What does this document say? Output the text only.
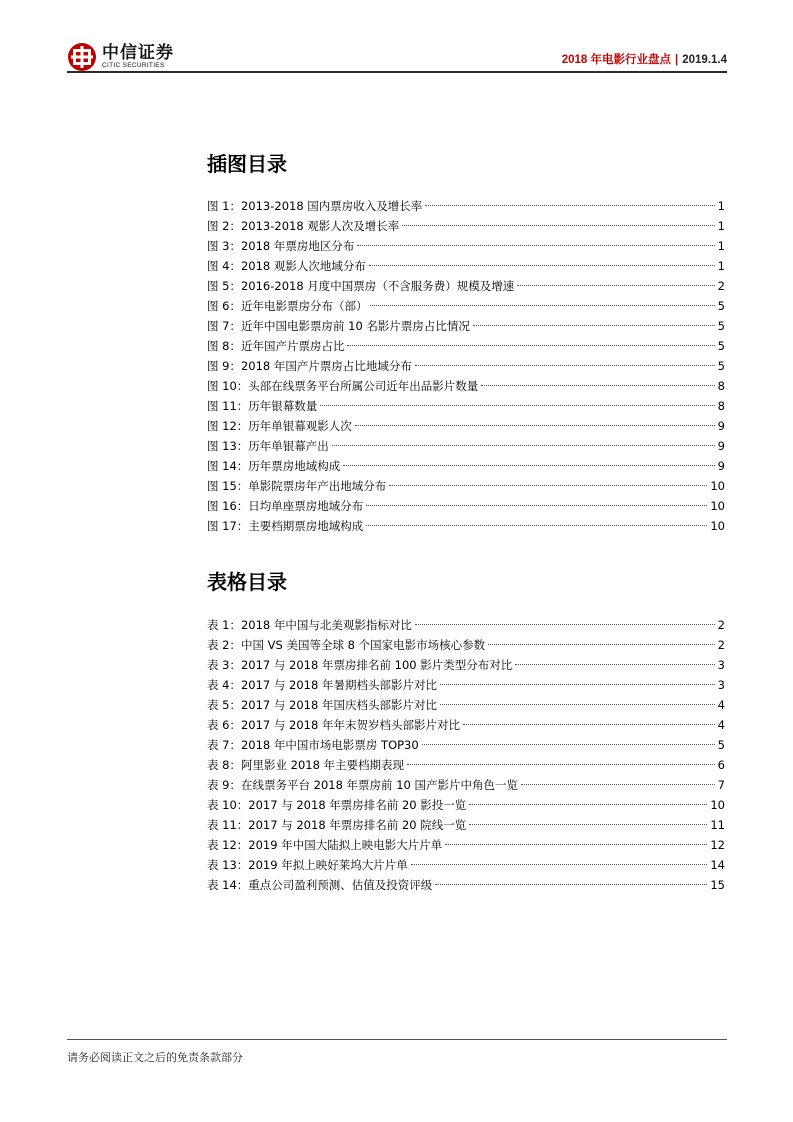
中信证券
CITIC SECURITIES	2018 年电影行业盘点 | 2019.1.4
插图目录
图 1：2013-2018 国内票房收入及增长率	1
图 2：2013-2018 观影人次及增长率	1
图 3：2018 年票房地区分布	1
图 4：2018 观影人次地域分布	1
图 5：2016-2018 月度中国票房（不含服务费）规模及增速	2
图 6：近年电影票房分布（部）	5
图 7：近年中国电影票房前 10 名影片票房占比情况	5
图 8：近年国产片票房占比	5
图 9：2018 年国产片票房占比地域分布	5
图 10：头部在线票务平台所属公司近年出品影片数量	8
图 11：历年银幕数量	8
图 12：历年单银幕观影人次	9
图 13：历年单银幕产出	9
图 14：历年票房地域构成	9
图 15：单影院票房年产出地域分布	10
图 16：日均单座票房地域分布	10
图 17：主要档期票房地域构成	10
表格目录
表 1：2018 年中国与北美观影指标对比	2
表 2：中国 VS 美国等全球 8 个国家电影市场核心参数	2
表 3：2017 与 2018 年票房排名前 100 影片类型分布对比	3
表 4：2017 与 2018 年暑期档头部影片对比	3
表 5：2017 与 2018 年国庆档头部影片对比	4
表 6：2017 与 2018 年年末贺岁档头部影片对比	4
表 7：2018 年中国市场电影票房 TOP30	5
表 8：阿里影业 2018 年主要档期表现	6
表 9：在线票务平台 2018 年票房前 10 国产影片中角色一览	7
表 10：2017 与 2018 年票房排名前 20 影投一览	10
表 11：2017 与 2018 年票房排名前 20 院线一览	11
表 12：2019 年中国大陆拟上映电影大片片单	12
表 13：2019 年拟上映好莱坞大片片单	14
表 14：重点公司盈利预测、估值及投资评级	15
请务必阅读正文之后的免责条款部分
